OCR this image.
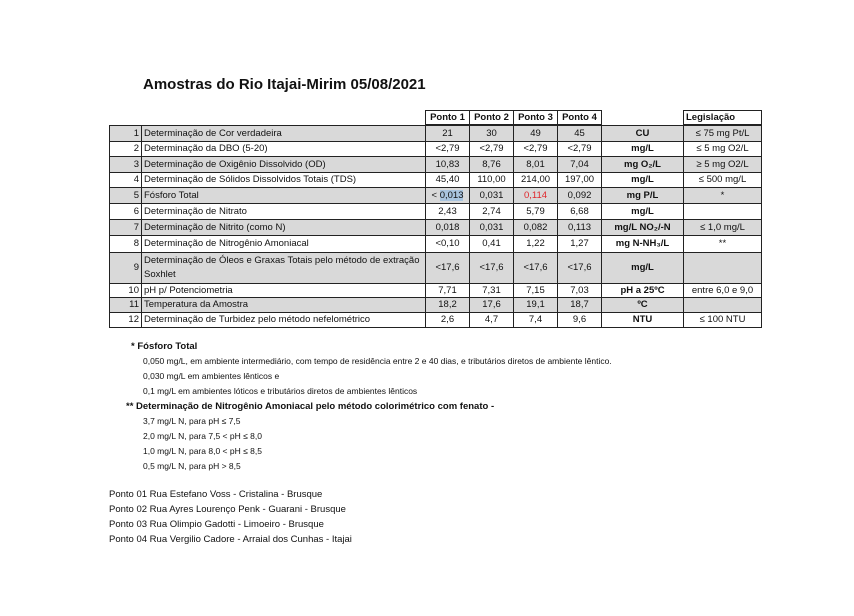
Amostras do Rio Itajai-Mirim 05/08/2021
		Ponto 1	Ponto 2	Ponto 3	Ponto 4		Legislação
1	Determinação de Cor verdadeira	21	30	49	45	CU	≤ 75 mg Pt/L
2	Determinação da DBO (5-20)	<2,79	<2,79	<2,79	<2,79	mg/L	≤ 5 mg O2/L
3	Determinação de Oxigênio Dissolvido (OD)	10,83	8,76	8,01	7,04	mg O₂/L	≥ 5 mg O2/L
4	Determinação de Sólidos Dissolvidos Totais (TDS)	45,40	110,00	214,00	197,00	mg/L	≤ 500 mg/L
5	Fósforo Total	< 0,013	0,031	0,114	0,092	mg P/L	*
6	Determinação de Nitrato	2,43	2,74	5,79	6,68	mg/L	
7	Determinação de Nitrito (como N)	0,018	0,031	0,082	0,113	mg/L NO₂/-N	≤ 1,0 mg/L
8	Determinação de Nitrogênio Amoniacal	<0,10	0,41	1,22	1,27	mg N-NH₃/L	**
9	Determinação de Óleos e Graxas Totais pelo método de extração Soxhlet	<17,6	<17,6	<17,6	<17,6	mg/L	
10	pH p/ Potenciometria	7,71	7,31	7,15	7,03	pH a 25ºC	entre 6,0 e 9,0
11	Temperatura da Amostra	18,2	17,6	19,1	18,7	ºC	
12	Determinação de Turbidez pelo método nefelométrico	2,6	4,7	7,4	9,6	NTU	≤ 100 NTU
* Fósforo Total
0,050 mg/L, em ambiente intermediário, com tempo de residência entre 2 e 40 dias, e tributários diretos de ambiente lêntico.
0,030 mg/L em ambientes lênticos e
0,1 mg/L em ambientes lóticos e tributários diretos de ambientes lênticos
** Determinação de Nitrogênio Amoniacal pelo método colorimétrico com fenato -
3,7 mg/L N, para pH ≤ 7,5
2,0 mg/L N, para 7,5 < pH ≤ 8,0
1,0 mg/L N, para 8,0 < pH ≤ 8,5
0,5 mg/L N, para pH > 8,5
Ponto 01 Rua Estefano Voss - Cristalina - Brusque
Ponto 02 Rua Ayres Lourenço Penk - Guarani - Brusque
Ponto 03 Rua Olimpio Gadotti - Limoeiro - Brusque
Ponto 04 Rua Vergilio Cadore - Arraial dos Cunhas - Itajai
